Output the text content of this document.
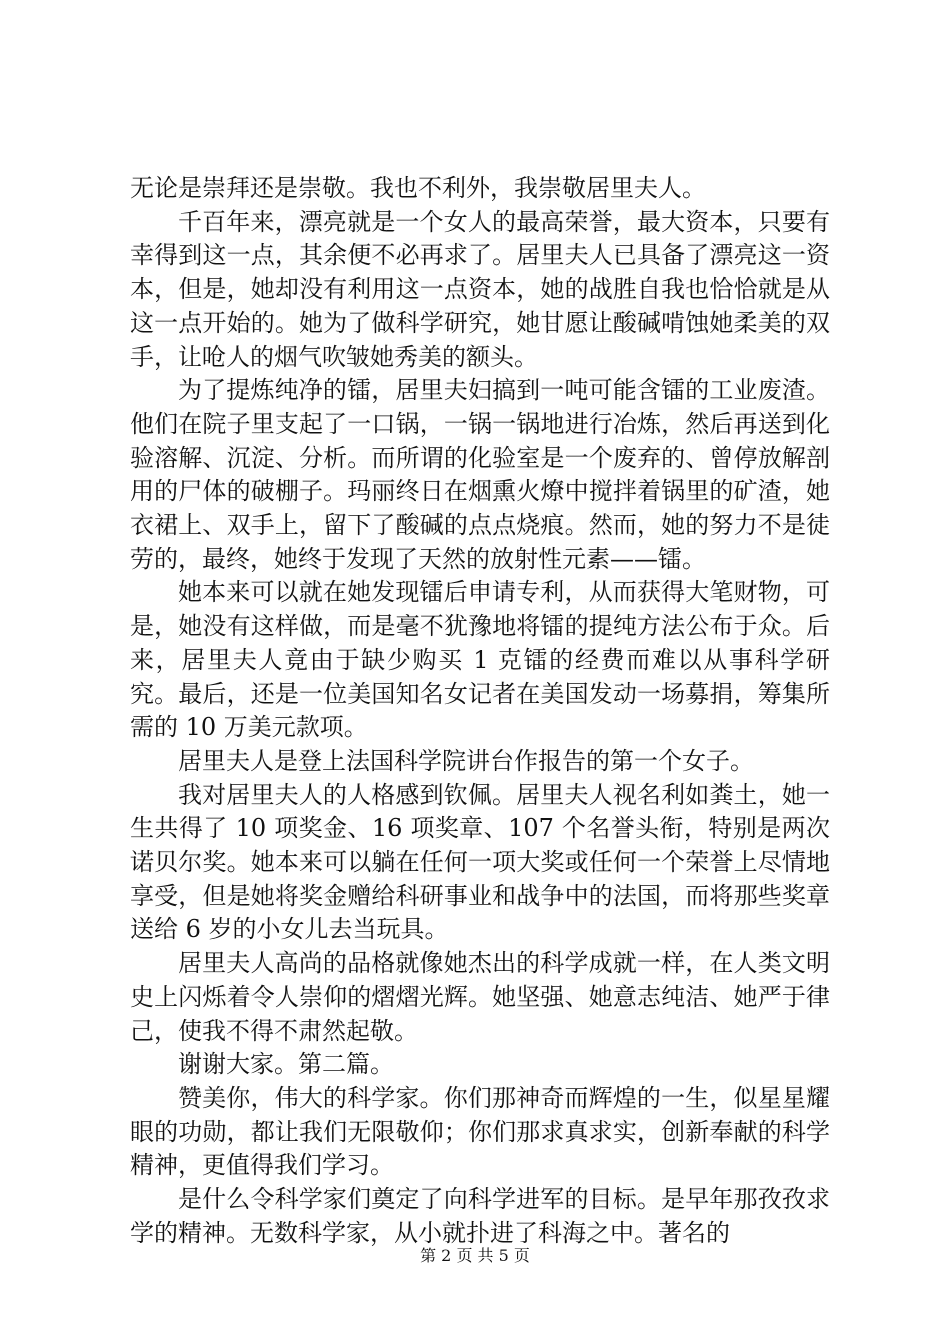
无论是崇拜还是崇敬。我也不利外，我崇敬居里夫人。

千百年来，漂亮就是一个女人的最高荣誉，最大资本，只要有幸得到这一点，其余便不必再求了。居里夫人已具备了漂亮这一资本，但是，她却没有利用这一点资本，她的战胜自我也恰恰就是从这一点开始的。她为了做科学研究，她甘愿让酸碱啃蚀她柔美的双手，让呛人的烟气吹皱她秀美的额头。

为了提炼纯净的镭，居里夫妇搞到一吨可能含镭的工业废渣。他们在院子里支起了一口锅，一锅一锅地进行冶炼，然后再送到化验溶解、沉淀、分析。而所谓的化验室是一个废弃的、曾停放解剖用的尸体的破棚子。玛丽终日在烟熏火燎中搅拌着锅里的矿渣，她衣裙上、双手上，留下了酸碱的点点烧痕。然而，她的努力不是徒劳的，最终，她终于发现了天然的放射性元素——镭。

她本来可以就在她发现镭后申请专利，从而获得大笔财物，可是，她没有这样做，而是毫不犹豫地将镭的提纯方法公布于众。后来，居里夫人竟由于缺少购买 1 克镭的经费而难以从事科学研究。最后，还是一位美国知名女记者在美国发动一场募捐，筹集所需的 10 万美元款项。

居里夫人是登上法国科学院讲台作报告的第一个女子。

我对居里夫人的人格感到钦佩。居里夫人视名利如粪土，她一生共得了 10 项奖金、16 项奖章、107 个名誉头衔，特别是两次诺贝尔奖。她本来可以躺在任何一项大奖或任何一个荣誉上尽情地享受，但是她将奖金赠给科研事业和战争中的法国，而将那些奖章送给 6 岁的小女儿去当玩具。

居里夫人高尚的品格就像她杰出的科学成就一样，在人类文明史上闪烁着令人崇仰的熠熠光辉。她坚强、她意志纯洁、她严于律己，使我不得不肃然起敬。

谢谢大家。第二篇。

赞美你，伟大的科学家。你们那神奇而辉煌的一生，似星星耀眼的功勋，都让我们无限敬仰；你们那求真求实，创新奉献的科学精神，更值得我们学习。

是什么令科学家们奠定了向科学进军的目标。是早年那孜孜求学的精神。无数科学家，从小就扑进了科海之中。著名的

第 2 页 共 5 页
